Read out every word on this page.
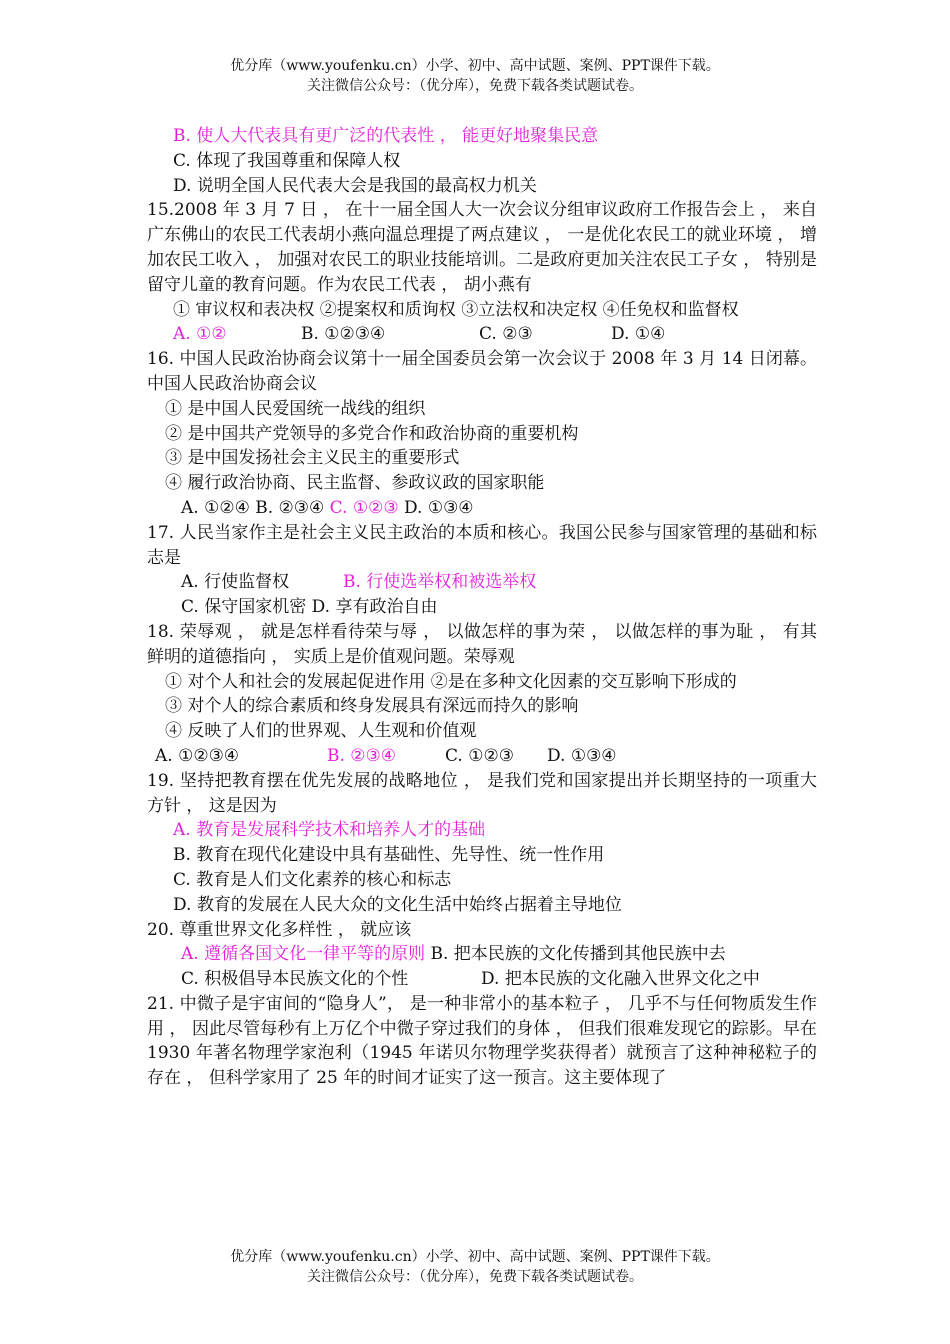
优分库（www.youfenku.cn）小学、初中、高中试题、案例、PPT课件下载。
关注微信公众号：（优分库），免费下载各类试题试卷。
B. 使人大代表具有更广泛的代表性 ， 能更好地聚集民意
C. 体现了我国尊重和保障人权
D. 说明全国人民代表大会是我国的最高权力机关
15.2008 年 3 月 7 日 ， 在十一届全国人大一次会议分组审议政府工作报告会上 ， 来自广东佛山的农民工代表胡小燕向温总理提了两点建议 ， 一是优化农民工的就业环境 ， 增加农民工收入 ， 加强对农民工的职业技能培训。二是政府更加关注农民工子女 ， 特别是留守儿童的教育问题。作为农民工代表 ， 胡小燕有
① 审议权和表决权 ②提案权和质询权 ③立法权和决定权 ④任免权和监督权
A. ①②	B. ①②③④	C. ②③	D. ①④
16. 中国人民政治协商会议第十一届全国委员会第一次会议于 2008 年 3 月 14 日闭幕。中国人民政治协商会议
① 是中国人民爱国统一战线的组织
② 是中国共产党领导的多党合作和政治协商的重要机构
③ 是中国发扬社会主义民主的重要形式
④ 履行政治协商、民主监督、参政议政的国家职能
A. ①②④ B. ②③④ C. ①②③ D. ①③④
17. 人民当家作主是社会主义民主政治的本质和核心。我国公民参与国家管理的基础和标志是
A. 行使监督权	B. 行使选举权和被选举权
C. 保守国家机密 D. 享有政治自由
18. 荣辱观 ， 就是怎样看待荣与辱 ， 以做怎样的事为荣 ， 以做怎样的事为耻 ， 有其鲜明的道德指向 ， 实质上是价值观问题。荣辱观
① 对个人和社会的发展起促进作用 ②是在多种文化因素的交互影响下形成的
③ 对个人的综合素质和终身发展具有深远而持久的影响
④ 反映了人们的世界观、人生观和价值观
A. ①②③④	B. ②③④	C. ①②③ D. ①③④
19. 坚持把教育摆在优先发展的战略地位 ， 是我们党和国家提出并长期坚持的一项重大方针 ， 这是因为
A. 教育是发展科学技术和培养人才的基础
B. 教育在现代化建设中具有基础性、先导性、统一性作用
C. 教育是人们文化素养的核心和标志
D. 教育的发展在人民大众的文化生活中始终占据着主导地位
20. 尊重世界文化多样性 ， 就应该
A. 遵循各国文化一律平等的原则 B. 把本民族的文化传播到其他民族中去
C. 积极倡导本民族文化的个性	D. 把本民族的文化融入世界文化之中
21. 中微子是宇宙间的“隐身人”， 是一种非常小的基本粒子 ， 几乎不与任何物质发生作用 ， 因此尽管每秒有上万亿个中微子穿过我们的身体 ， 但我们很难发现它的踪影。早在 1930 年著名物理学家泡利（1945 年诺贝尔物理学奖获得者）就预言了这种神秘粒子的存在 ， 但科学家用了 25 年的时间才证实了这一预言。这主要体现了
优分库（www.youfenku.cn）小学、初中、高中试题、案例、PPT课件下载。
关注微信公众号：（优分库），免费下载各类试题试卷。
